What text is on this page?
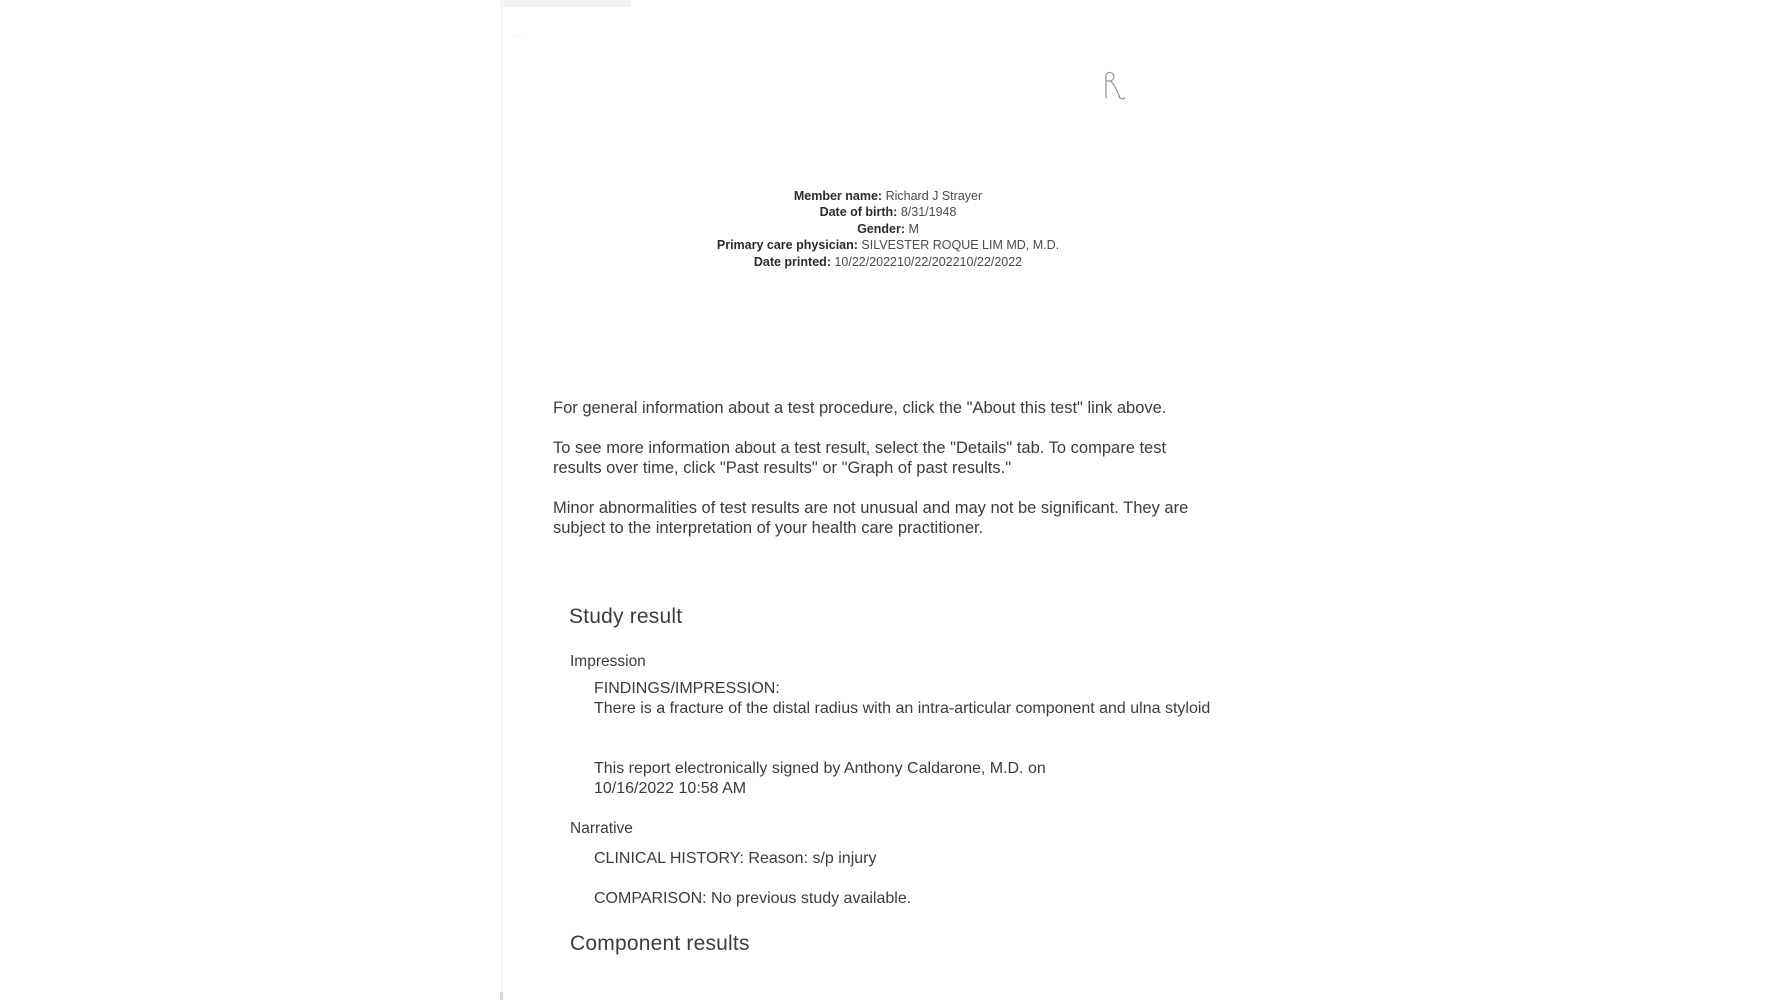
· ·
Member name: Richard J Strayer
Date of birth: 8/31/1948
Gender: M
Primary care physician: SILVESTER ROQUE LIM MD, M.D.
Date printed: 10/22/202210/22/202210/22/2022

For general information about a test procedure, click the "About this test" link above.

To see more information about a test result, select the "Details" tab. To compare test results over time, click "Past results" or "Graph of past results."

Minor abnormalities of test results are not unusual and may not be significant. They are subject to the interpretation of your health care practitioner.

Study result
Impression
FINDINGS/IMPRESSION:
There is a fracture of the distal radius with an intra-articular component and ulna styloid
This report electronically signed by Anthony Caldarone, M.D. on
10/16/2022 10:58 AM
Narrative
CLINICAL HISTORY: Reason: s/p injury
COMPARISON: No previous study available.
Component results
